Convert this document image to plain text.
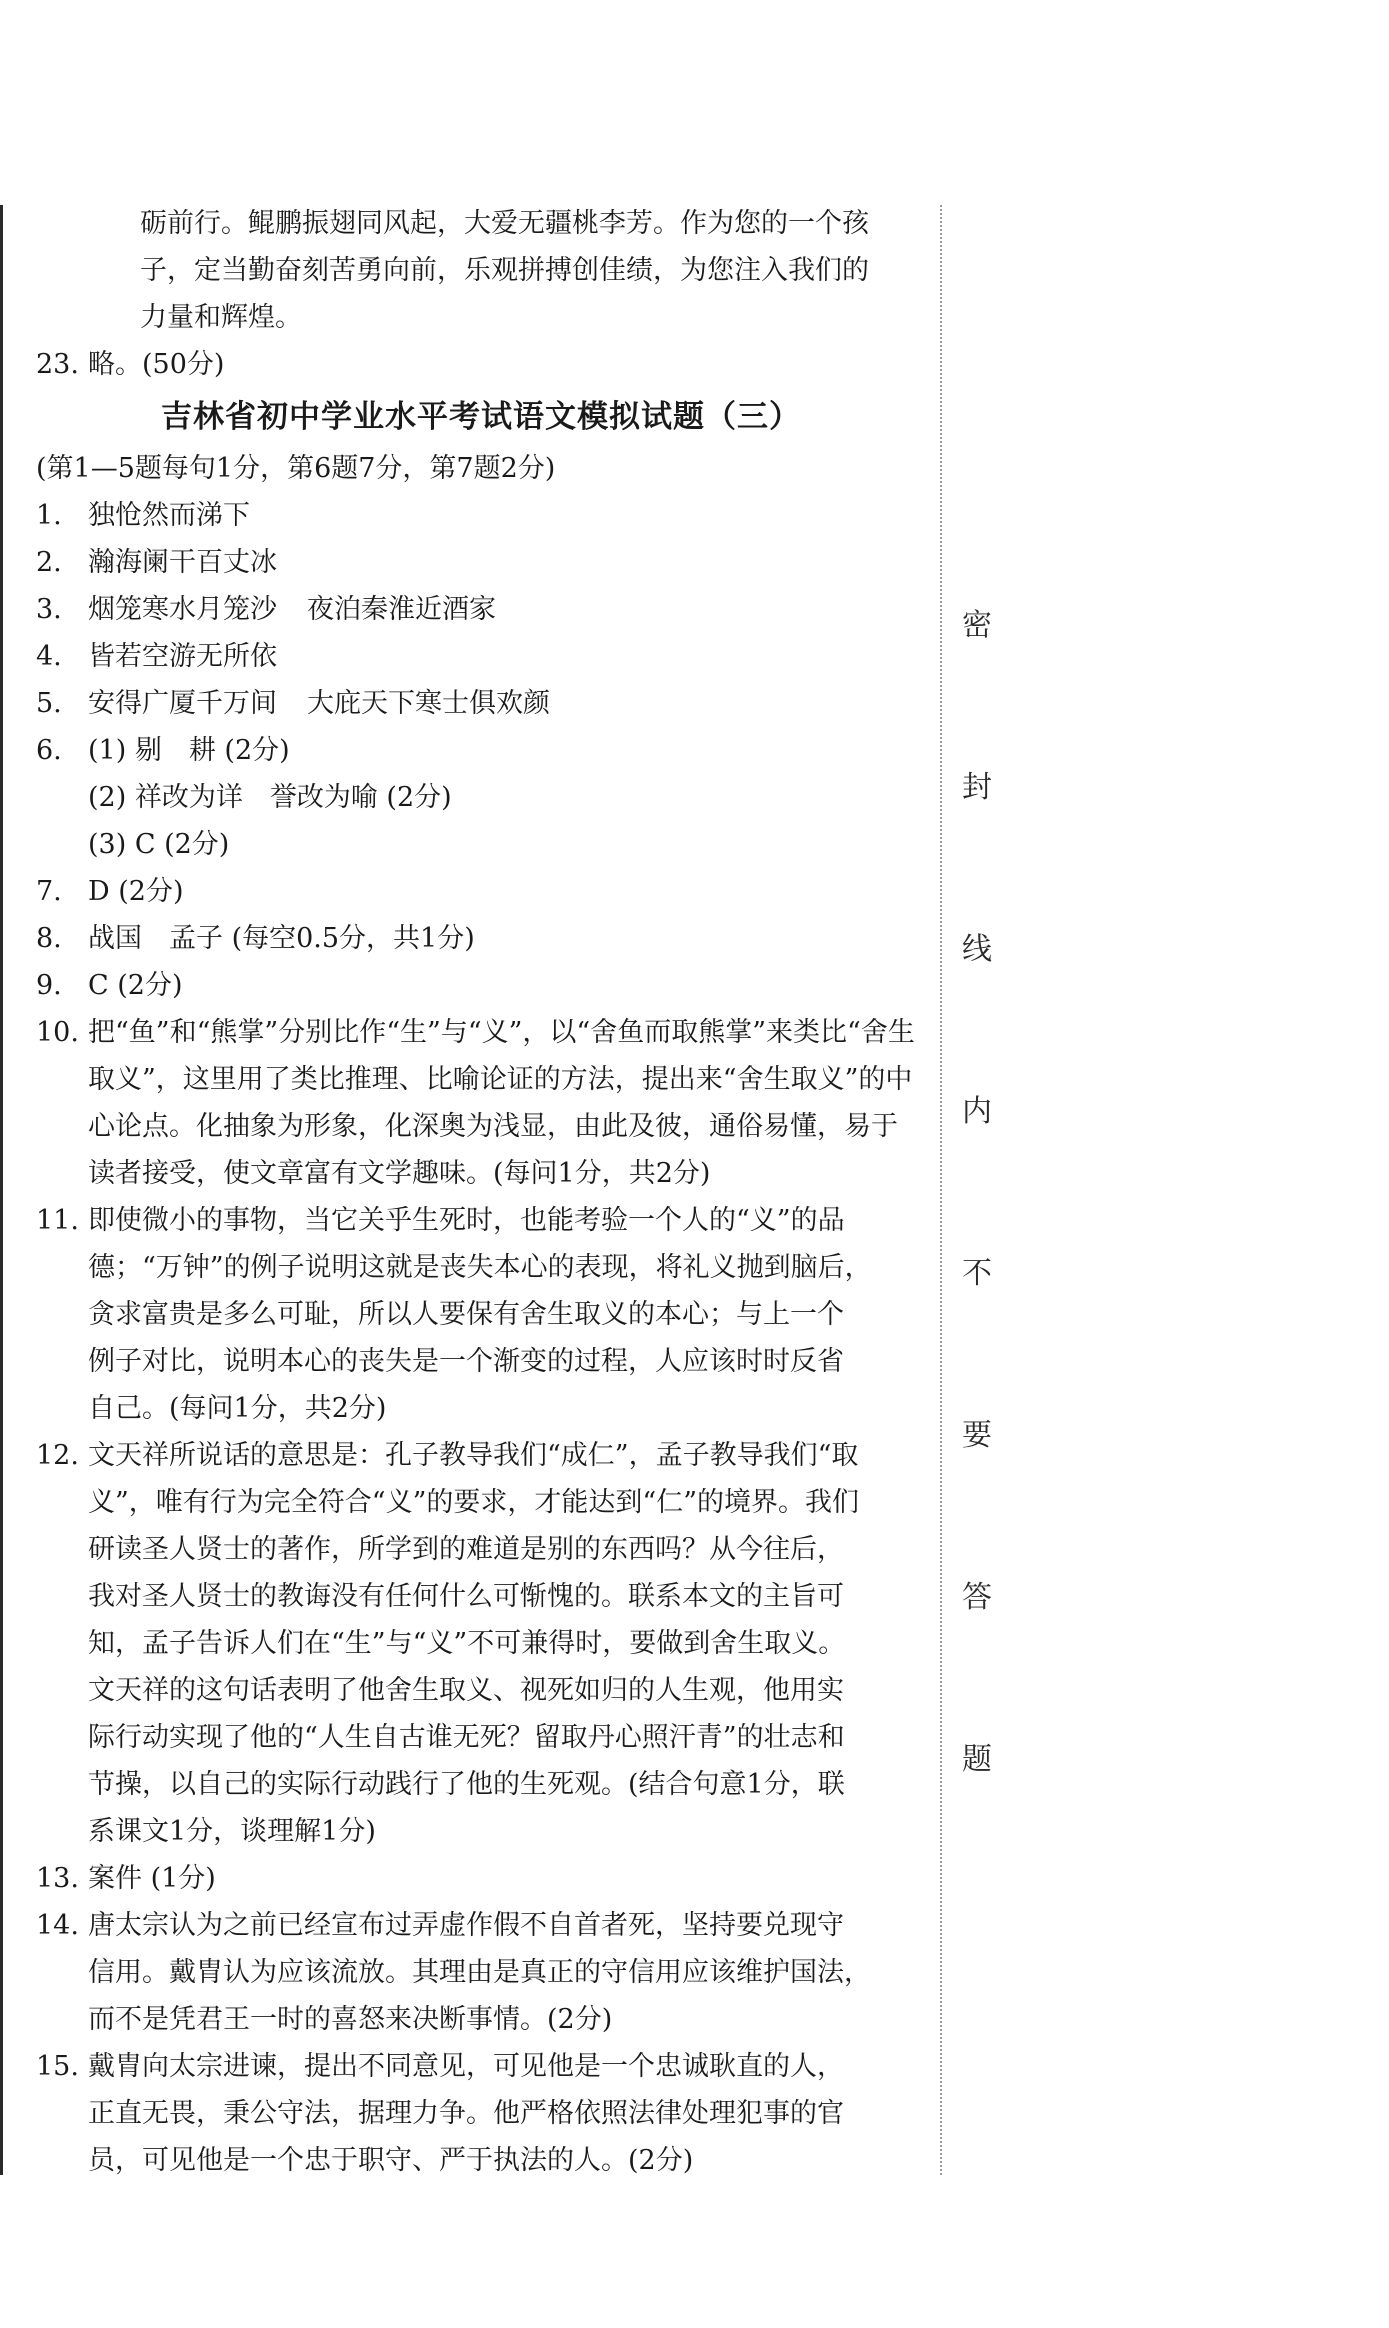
砺前行。鲲鹏振翅同风起，大爱无疆桃李芳。作为您的一个孩

子，定当勤奋刻苦勇向前，乐观拼搏创佳绩，为您注入我们的

力量和辉煌。

23. 略。(50分)

吉林省初中学业水平考试语文模拟试题（三）

(第1—5题每句1分，第6题7分，第7题2分)

1. 独怆然而涕下

2. 瀚海阑干百丈冰

3. 烟笼寒水月笼沙 夜泊秦淮近酒家

4. 皆若空游无所依

5. 安得广厦千万间 大庇天下寒士俱欢颜

6. (1) 剔　耕 (2分)

(2) 祥改为详　誉改为喻 (2分)

(3) C (2分)

7. D (2分)

8. 战国　孟子 (每空0.5分，共1分)

9. C (2分)

10. 把“鱼”和“熊掌”分别比作“生”与“义”，以“舍鱼而取熊掌”来类比“舍生

取义”，这里用了类比推理、比喻论证的方法，提出来“舍生取义”的中

心论点。化抽象为形象，化深奥为浅显，由此及彼，通俗易懂，易于

读者接受，使文章富有文学趣味。(每问1分，共2分)

11. 即使微小的事物，当它关乎生死时，也能考验一个人的“义”的品

德；“万钟”的例子说明这就是丧失本心的表现，将礼义抛到脑后，

贪求富贵是多么可耻，所以人要保有舍生取义的本心；与上一个

例子对比，说明本心的丧失是一个渐变的过程，人应该时时反省

自己。(每问1分，共2分)

12. 文天祥所说话的意思是：孔子教导我们“成仁”，孟子教导我们“取

义”，唯有行为完全符合“义”的要求，才能达到“仁”的境界。我们

研读圣人贤士的著作，所学到的难道是别的东西吗？从今往后，

我对圣人贤士的教诲没有任何什么可惭愧的。联系本文的主旨可

知，孟子告诉人们在“生”与“义”不可兼得时，要做到舍生取义。

文天祥的这句话表明了他舍生取义、视死如归的人生观，他用实

际行动实现了他的“人生自古谁无死？留取丹心照汗青”的壮志和

节操，以自己的实际行动践行了他的生死观。(结合句意1分，联

系课文1分，谈理解1分)

13. 案件 (1分)

14. 唐太宗认为之前已经宣布过弄虚作假不自首者死，坚持要兑现守

信用。戴胄认为应该流放。其理由是真正的守信用应该维护国法，

而不是凭君王一时的喜怒来决断事情。(2分)

15. 戴胄向太宗进谏，提出不同意见，可见他是一个忠诚耿直的人，

正直无畏，秉公守法，据理力争。他严格依照法律处理犯事的官

员，可见他是一个忠于职守、严于执法的人。(2分)

密
封
线
内
不
要
答
题
